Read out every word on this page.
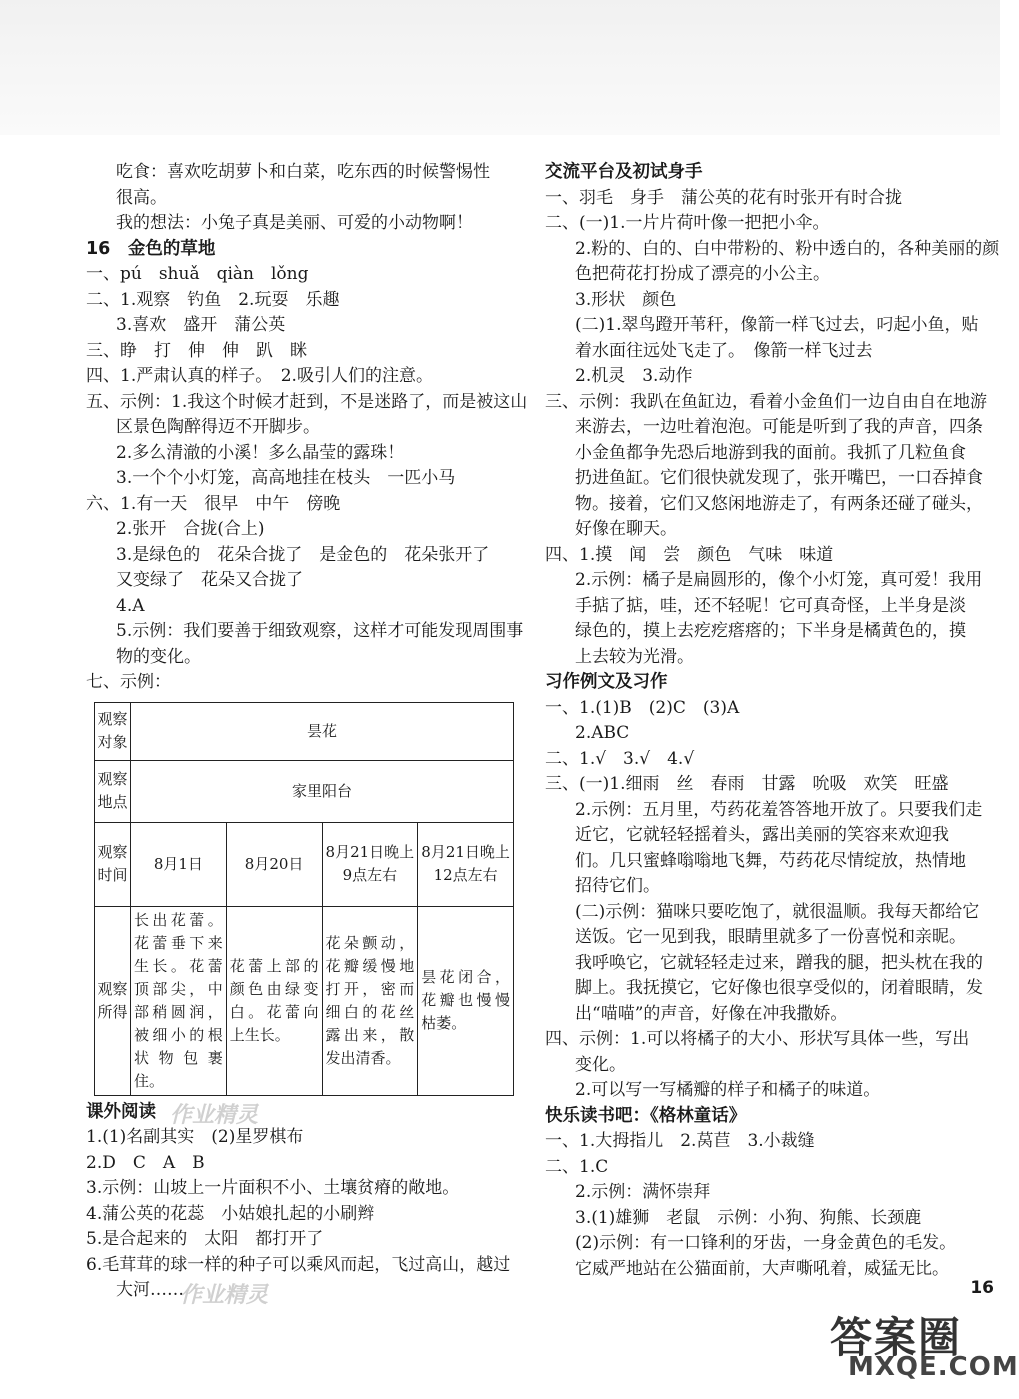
吃食：喜欢吃胡萝卜和白菜，吃东西的时候警惕性
很高。
我的想法：小兔子真是美丽、可爱的小动物啊！
16　金色的草地
一、pú　shuǎ　qiàn　lǒng
二、1.观察　钓鱼　2.玩耍　乐趣
3.喜欢　盛开　蒲公英
三、睁　打　伸　伸　趴　眯
四、1.严肃认真的样子。　2.吸引人们的注意。
五、示例：1.我这个时候才赶到，不是迷路了，而是被这山
区景色陶醉得迈不开脚步。
2.多么清澈的小溪！多么晶莹的露珠！
3.一个个小灯笼，高高地挂在枝头　一匹小马
六、1.有一天　很早　中午　傍晚
2.张开　合拢(合上)
3.是绿色的　花朵合拢了　是金色的　花朵张开了
又变绿了　花朵又合拢了
4.A
5.示例：我们要善于细致观察，这样才可能发现周围事
物的变化。
七、示例：
观察对象	昙花			
观察地点	家里阳台			
观察时间	8月1日	8月20日	8月21日晚上9点左右	8月21日晚上12点左右
观察所得	长出花蕾。花蕾垂下来生长。花蕾顶部尖，中部稍圆润，被细小的根状物包裹住。	花蕾上部的颜色由绿变白。花蕾向上生长。	花朵颤动，花瓣缓慢地打开，密而细白的花丝露出来，散发出清香。	昙花闭合，花瓣也慢慢枯萎。
课外阅读
1.(1)名副其实　(2)星罗棋布
2.D　C　A　B
3.示例：山坡上一片面积不小、土壤贫瘠的敞地。
4.蒲公英的花蕊　小姑娘扎起的小刷辫
5.是合起来的　太阳　都打开了
6.毛茸茸的球一样的种子可以乘风而起，飞过高山，越过
大河……
交流平台及初试身手
一、羽毛　身手　蒲公英的花有时张开有时合拢
二、(一)1.一片片荷叶像一把把小伞。
2.粉的、白的、白中带粉的、粉中透白的，各种美丽的颜
色把荷花打扮成了漂亮的小公主。
3.形状　颜色
(二)1.翠鸟蹬开苇秆，像箭一样飞过去，叼起小鱼，贴
着水面往远处飞走了。　像箭一样飞过去
2.机灵　3.动作
三、示例：我趴在鱼缸边，看着小金鱼们一边自由自在地游
来游去，一边吐着泡泡。可能是听到了我的声音，四条
小金鱼都争先恐后地游到我的面前。我抓了几粒鱼食
扔进鱼缸。它们很快就发现了，张开嘴巴，一口吞掉食
物。接着，它们又悠闲地游走了，有两条还碰了碰头，
好像在聊天。
四、1.摸　闻　尝　颜色　气味　味道
2.示例：橘子是扁圆形的，像个小灯笼，真可爱！我用
手掂了掂，哇，还不轻呢！它可真奇怪，上半身是淡
绿色的，摸上去疙疙瘩瘩的；下半身是橘黄色的，摸
上去较为光滑。
习作例文及习作
一、1.(1)B　(2)C　(3)A
2.ABC
二、1.√　3.√　4.√
三、(一)1.细雨　丝　春雨　甘露　吮吸　欢笑　旺盛
2.示例：五月里，芍药花羞答答地开放了。只要我们走
近它，它就轻轻摇着头，露出美丽的笑容来欢迎我
们。几只蜜蜂嗡嗡地飞舞，芍药花尽情绽放，热情地
招待它们。
(二)示例：猫咪只要吃饱了，就很温顺。我每天都给它
送饭。它一见到我，眼睛里就多了一份喜悦和亲昵。
我呼唤它，它就轻轻走过来，蹭我的腿，把头枕在我的
脚上。我抚摸它，它好像也很享受似的，闭着眼睛，发
出“喵喵”的声音，好像在冲我撒娇。
四、示例：1.可以将橘子的大小、形状写具体一些，写出
变化。
2.可以写一写橘瓣的样子和橘子的味道。
快乐读书吧：《格林童话》
一、1.大拇指儿　2.莴苣　3.小裁缝
二、1.C
2.示例：满怀崇拜
3.(1)雄狮　老鼠　示例：小狗、狗熊、长颈鹿
(2)示例：有一口锋利的牙齿，一身金黄色的毛发。
它威严地站在公猫面前，大声嘶吼着，威猛无比。
16
作业精灵
作业精灵
答案圈
MXQE.COM
